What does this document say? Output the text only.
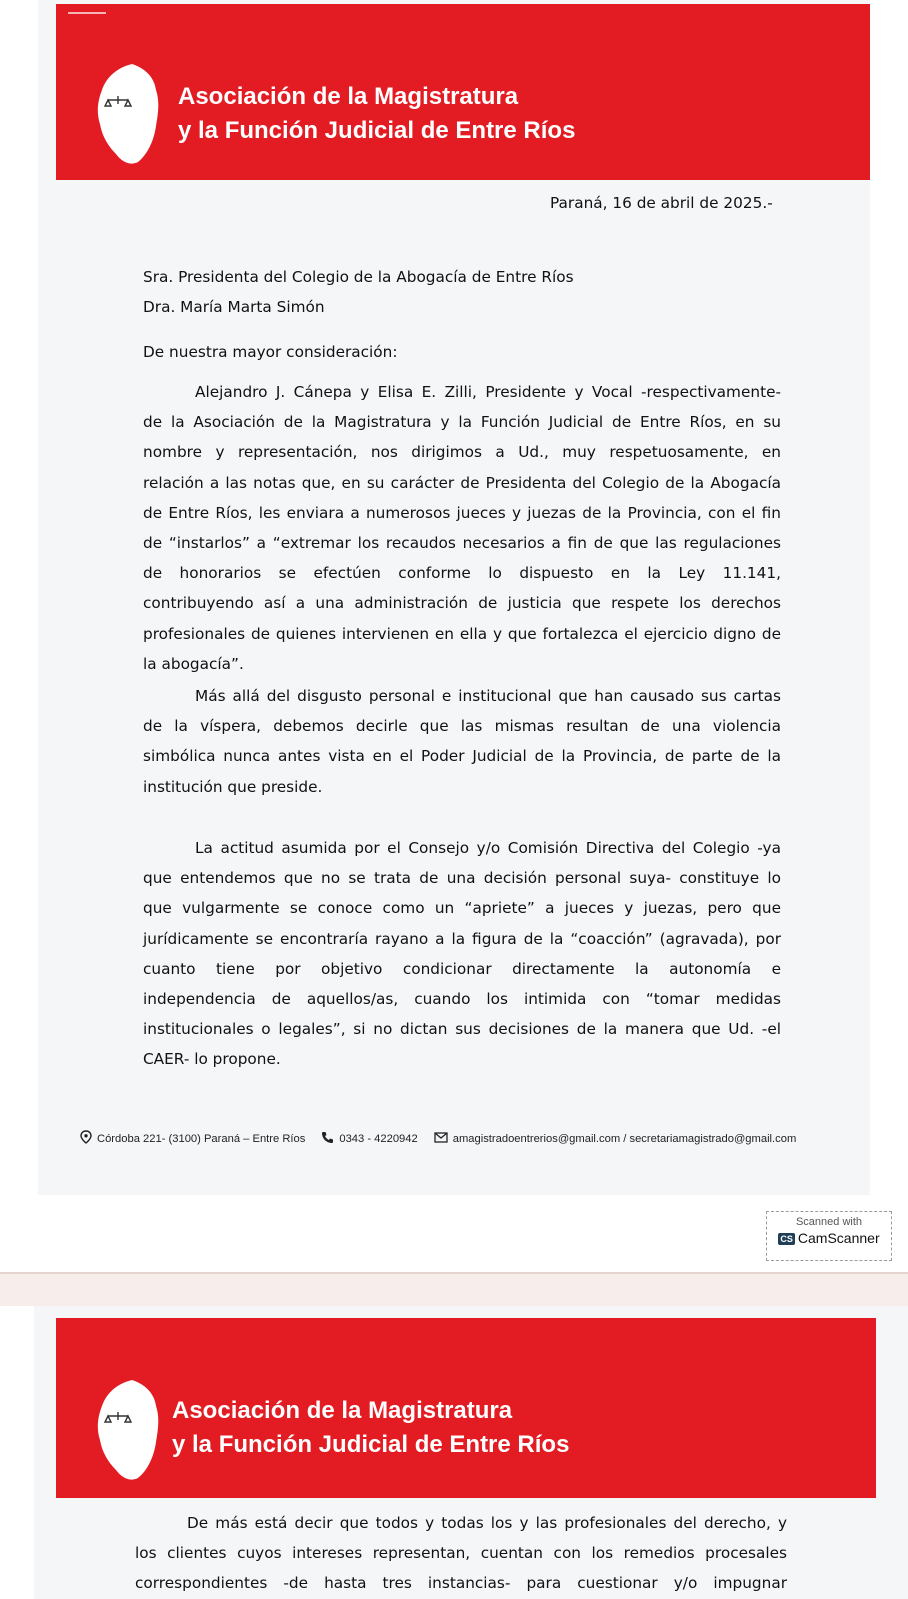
Asociación de la Magistratura
y la Función Judicial de Entre Ríos
Paraná, 16 de abril de 2025.-
Sra. Presidenta del Colegio de la Abogacía de Entre Ríos
Dra. María Marta Simón
De nuestra mayor consideración:
Alejandro J. Cánepa y Elisa E. Zilli, Presidente y Vocal -respectivamente-
de la Asociación de la Magistratura y la Función Judicial de Entre Ríos, en su
nombre y representación, nos dirigimos a Ud., muy respetuosamente, en
relación a las notas que, en su carácter de Presidenta del Colegio de la Abogacía
de Entre Ríos, les enviara a numerosos jueces y juezas de la Provincia, con el fin
de “instarlos” a “extremar los recaudos necesarios a fin de que las regulaciones
de honorarios se efectúen conforme lo dispuesto en la Ley 11.141,
contribuyendo así a una administración de justicia que respete los derechos
profesionales de quienes intervienen en ella y que fortalezca el ejercicio digno de
la abogacía”.
Más allá del disgusto personal e institucional que han causado sus cartas
de la víspera, debemos decirle que las mismas resultan de una violencia
simbólica nunca antes vista en el Poder Judicial de la Provincia, de parte de la
institución que preside.
La actitud asumida por el Consejo y/o Comisión Directiva del Colegio -ya
que entendemos que no se trata de una decisión personal suya- constituye lo
que vulgarmente se conoce como un “apriete” a jueces y juezas, pero que
jurídicamente se encontraría rayano a la figura de la “coacción” (agravada), por
cuanto tiene por objetivo condicionar directamente la autonomía e
independencia de aquellos/as, cuando los intimida con “tomar medidas
institucionales o legales”, si no dictan sus decisiones de la manera que Ud. -el
CAER- lo propone.
Córdoba 221- (3100) Paraná – Entre Ríos	0343 - 4220942	amagistradoentrerios@gmail.com / secretariamagistrado@gmail.com
Scanned with
CS CamScanner
Asociación de la Magistratura
y la Función Judicial de Entre Ríos
De más está decir que todos y todas los y las profesionales del derecho, y
los clientes cuyos intereses representan, cuentan con los remedios procesales
correspondientes -de hasta tres instancias- para cuestionar y/o impugnar
